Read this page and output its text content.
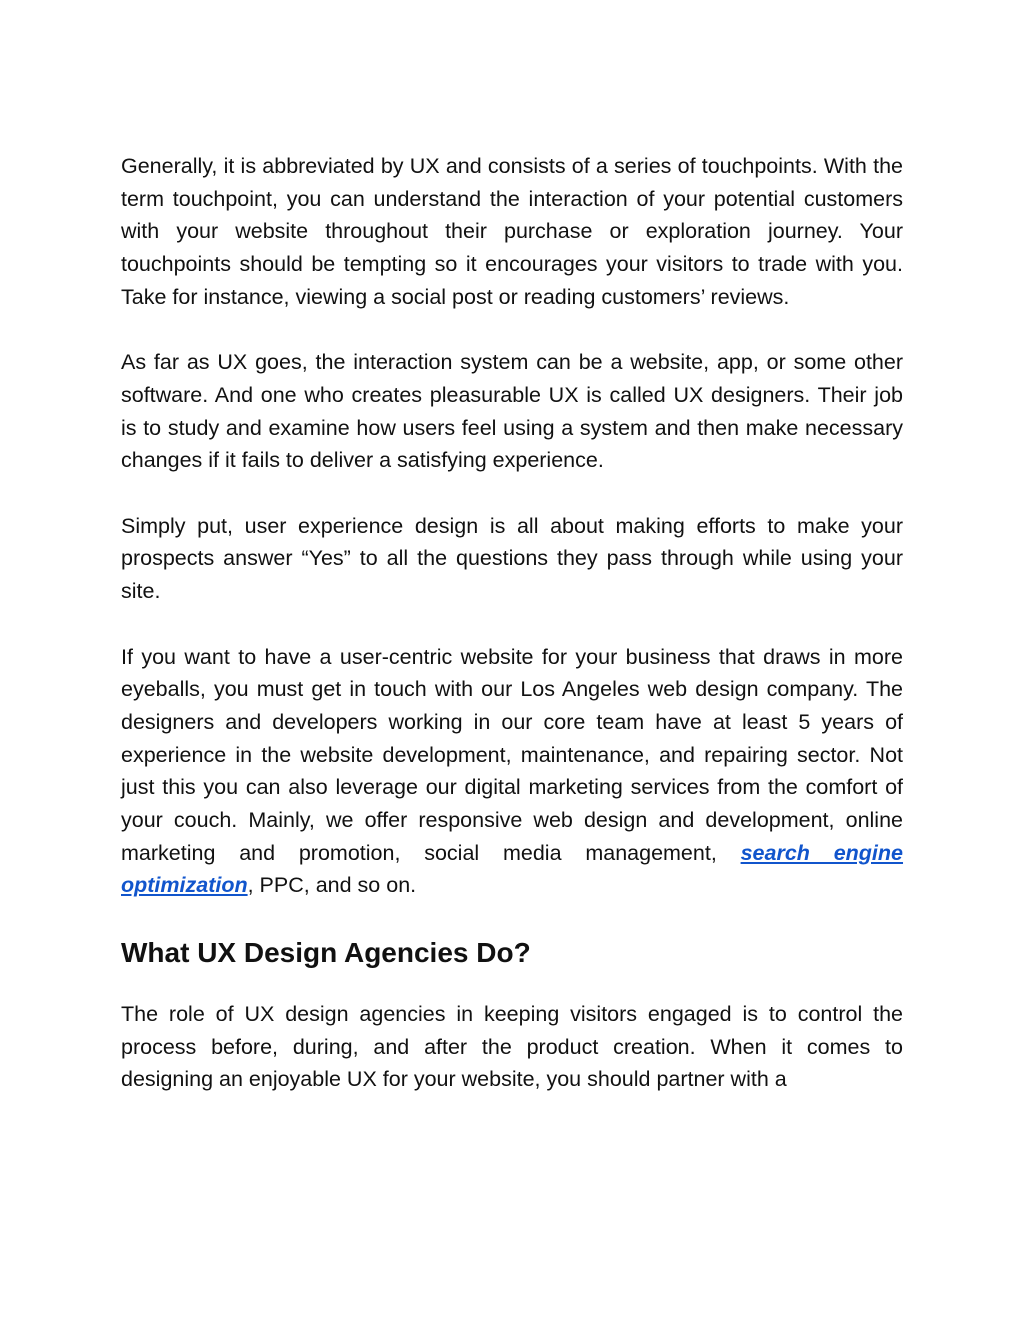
Generally, it is abbreviated by UX and consists of a series of touchpoints. With the term touchpoint, you can understand the interaction of your potential customers with your website throughout their purchase or exploration journey. Your touchpoints should be tempting so it encourages your visitors to trade with you. Take for instance, viewing a social post or reading customers’ reviews.

As far as UX goes, the interaction system can be a website, app, or some other software. And one who creates pleasurable UX is called UX designers. Their job is to study and examine how users feel using a system and then make necessary changes if it fails to deliver a satisfying experience.

Simply put, user experience design is all about making efforts to make your prospects answer “Yes” to all the questions they pass through while using your site.

If you want to have a user-centric website for your business that draws in more eyeballs, you must get in touch with our Los Angeles web design company. The designers and developers working in our core team have at least 5 years of experience in the website development, maintenance, and repairing sector. Not just this you can also leverage our digital marketing services from the comfort of your couch. Mainly, we offer responsive web design and development, online marketing and promotion, social media management, search engine optimization, PPC, and so on.

What UX Design Agencies Do?

The role of UX design agencies in keeping visitors engaged is to control the process before, during, and after the product creation. When it comes to designing an enjoyable UX for your website, you should partner with a
